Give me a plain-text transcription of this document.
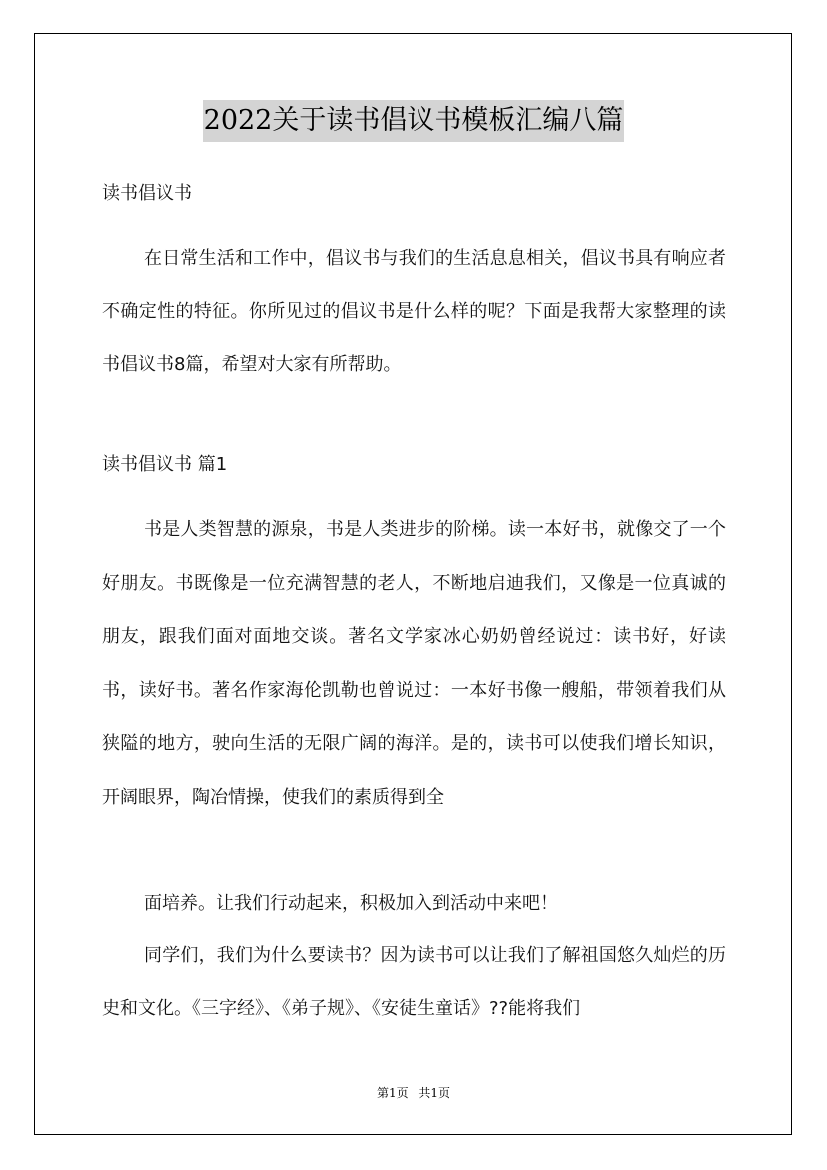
2022关于读书倡议书模板汇编八篇
读书倡议书
在日常生活和工作中，倡议书与我们的生活息息相关，倡议书具有响应者不确定性的特征。你所见过的倡议书是什么样的呢？下面是我帮大家整理的读书倡议书8篇，希望对大家有所帮助。
读书倡议书 篇1
书是人类智慧的源泉，书是人类进步的阶梯。读一本好书，就像交了一个好朋友。书既像是一位充满智慧的老人，不断地启迪我们，又像是一位真诚的朋友，跟我们面对面地交谈。著名文学家冰心奶奶曾经说过：读书好，好读书，读好书。著名作家海伦凯勒也曾说过：一本好书像一艘船，带领着我们从狭隘的地方，驶向生活的无限广阔的海洋。是的，读书可以使我们增长知识，开阔眼界，陶冶情操，使我们的素质得到全
面培养。让我们行动起来，积极加入到活动中来吧！
同学们，我们为什么要读书？因为读书可以让我们了解祖国悠久灿烂的历史和文化。《三字经》、《弟子规》、《安徒生童话》??能将我们
第1页 共1页
